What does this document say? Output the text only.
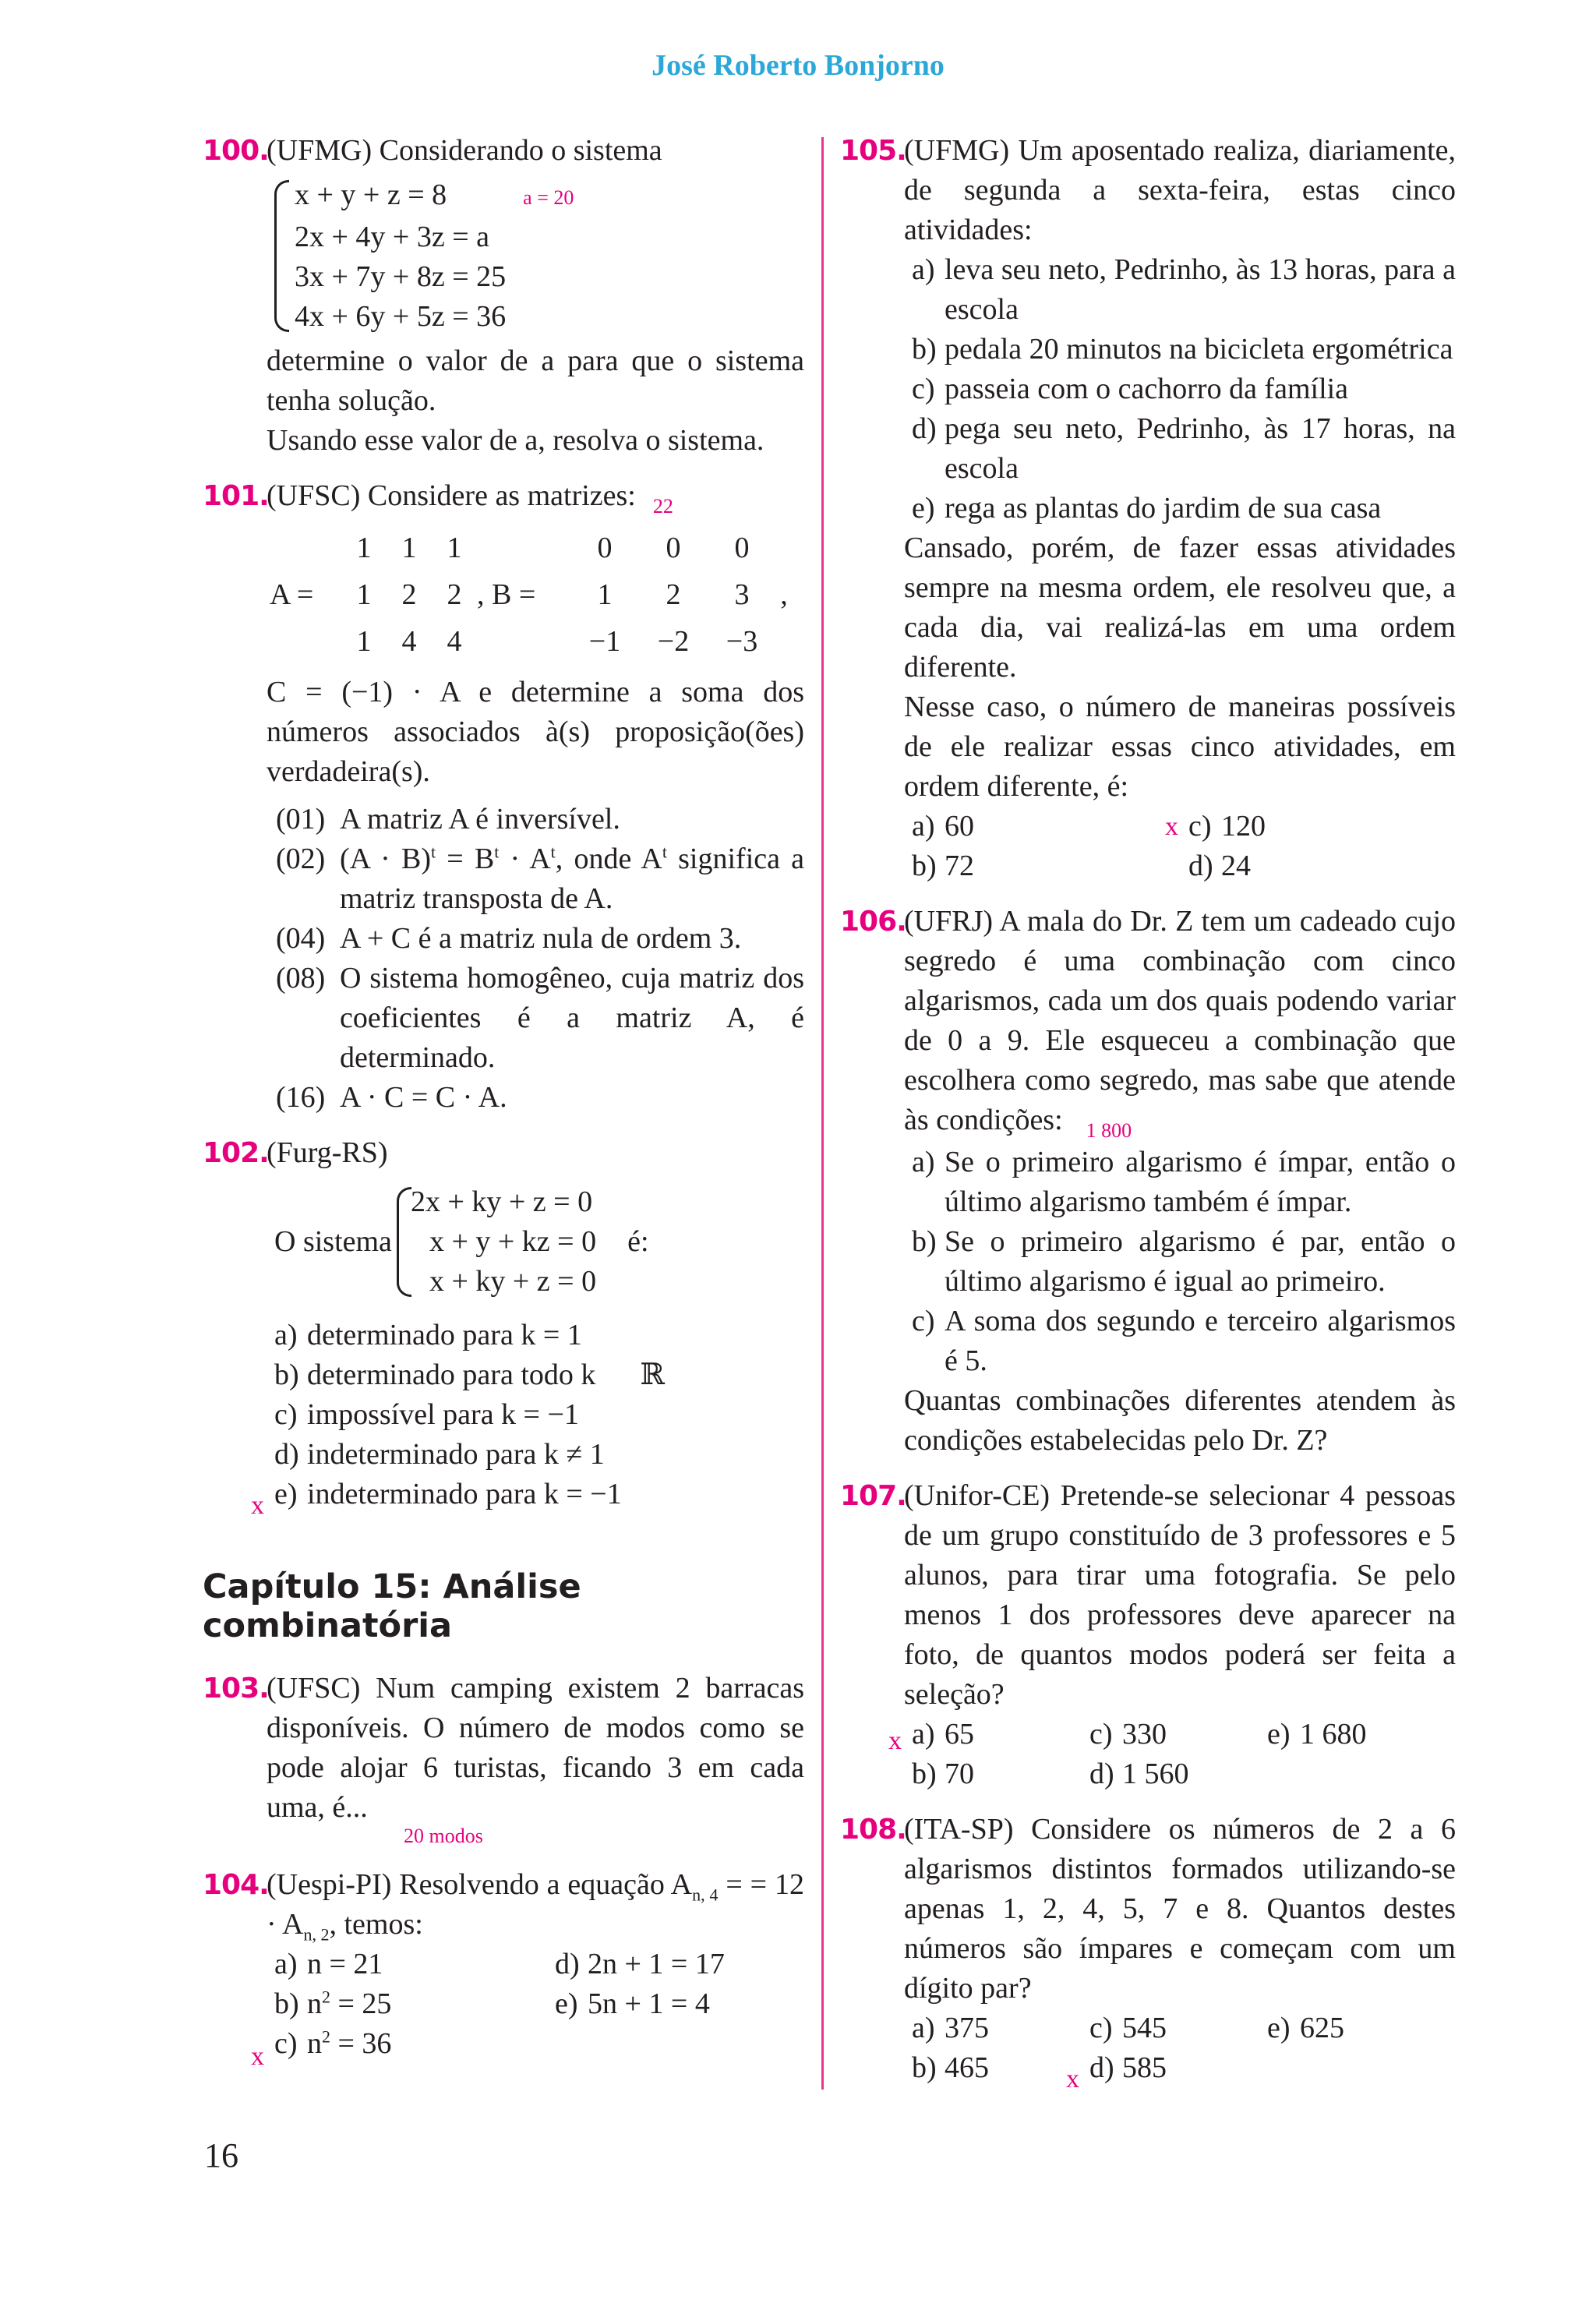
José Roberto Bonjorno
100.
(UFMG) Considerando o sistema
x + y + z = 8	a = 20
2x + 4y + 3z = a
3x + 7y + 8z = 25
4x + 6y + 5z = 36
determine o valor de a para que o sistema tenha solução.
Usando esse valor de a, resolva o sistema.
101.
(UFSC) Considere as matrizes: $_{22}$
	1	1	1		0	0	0	
A =	1	2	2	, B =	1	2	3	,
	1	4	4		−1	−2	−3	
C = (−1) · A e determine a soma dos números associados à(s) proposição(ões) verdadeira(s).
(01) A matriz A é inversível.
(02) $(A \cdot B)^t = B^t \cdot A^t$, onde $A^t$ significa a matriz transposta de A.
(04) A + C é a matriz nula de ordem 3.
(08) O sistema homogêneo, cuja matriz dos coeficientes é a matriz A, é determinado.
(16) A · C = C · A.
102.
(Furg-RS)
O sistema
2x + ky + z = 0
x + y + kz = 0
x + ky + z = 0
é:
a) determinado para k = 1
b) determinado para todo k      ℝ
c) impossível para k = −1
d) indeterminado para k ≠ 1
x e) indeterminado para k = −1
Capítulo 15: Análise combinatória
103.
(UFSC) Num camping existem 2 barracas disponíveis. O número de modos como se pode alojar 6 turistas, ficando 3 em cada uma, é...
20 modos
104.
(Uespi-PI) Resolvendo a equação $A_{n, 4}$ = = $12 \cdot A_{n, 2}$, temos:
a) n = 21	d) 2n + 1 = 17
b) $n^2 = 25$	e) 5n + 1 = 4
x c) $n^2 = 36$
105.
(UFMG) Um aposentado realiza, diariamente, de segunda a sexta-feira, estas cinco atividades:
a) leva seu neto, Pedrinho, às 13 horas, para a escola
b) pedala 20 minutos na bicicleta ergométrica
c) passeia com o cachorro da família
d) pega seu neto, Pedrinho, às 17 horas, na escola
e) rega as plantas do jardim de sua casa
Cansado, porém, de fazer essas atividades sempre na mesma ordem, ele resolveu que, a cada dia, vai realizá-las em uma ordem diferente.
Nesse caso, o número de maneiras possíveis de ele realizar essas cinco atividades, em ordem diferente, é:
a) 60	x c) 120
b) 72	d) 24
106.
(UFRJ) A mala do Dr. Z tem um cadeado cujo segredo é uma combinação com cinco algarismos, cada um dos quais podendo variar de 0 a 9. Ele esqueceu a combinação que escolhera como segredo, mas sabe que atende às condições: $_{1 800}$
a) Se o primeiro algarismo é ímpar, então o último algarismo também é ímpar.
b) Se o primeiro algarismo é par, então o último algarismo é igual ao primeiro.
c) A soma dos segundo e terceiro algarismos é 5.
Quantas combinações diferentes atendem às condições estabelecidas pelo Dr. Z?
107.
(Unifor-CE) Pretende-se selecionar 4 pessoas de um grupo constituído de 3 professores e 5 alunos, para tirar uma fotografia. Se pelo menos 1 dos professores deve aparecer na foto, de quantos modos poderá ser feita a seleção?
x a) 65	c) 330	e) 1 680
b) 70	d) 1 560
108.
(ITA-SP) Considere os números de 2 a 6 algarismos distintos formados utilizando-se apenas 1, 2, 4, 5, 7 e 8. Quantos destes números são ímpares e começam com um dígito par?
a) 375	c) 545	e) 625
b) 465	x d) 585
16
